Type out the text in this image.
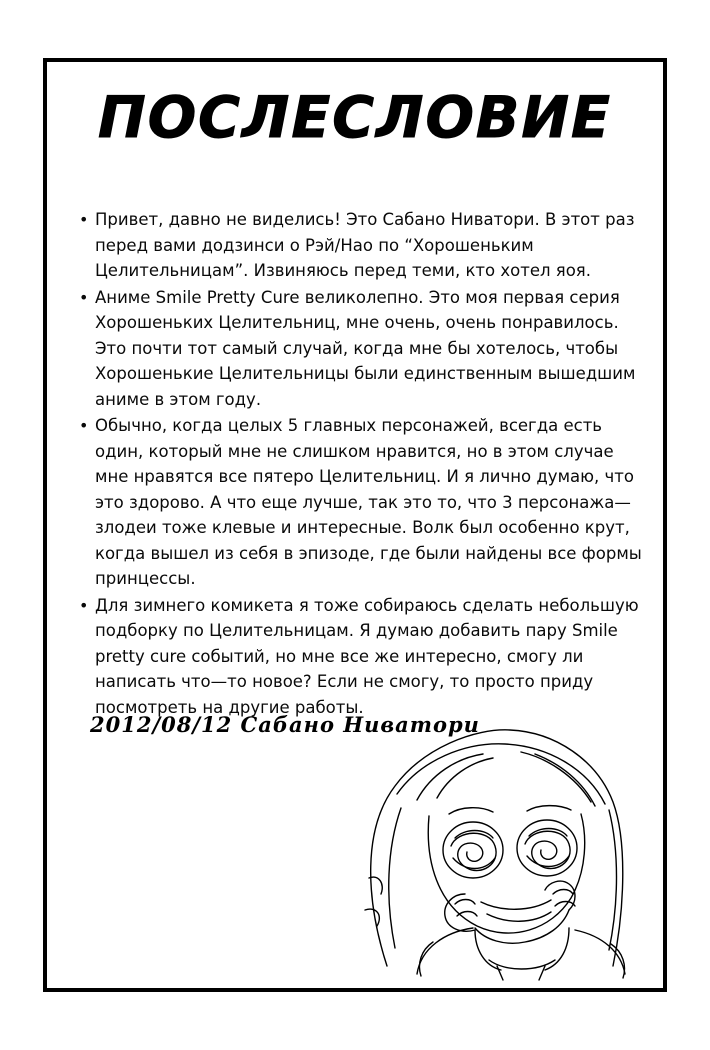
ПОСЛЕСЛОВИЕ

• Привет, давно не виделись! Это Сабано Ниватори. В этот раз перед вами додзинси о Рэй/Нао по “Хорошеньким Целительницам”. Извиняюсь перед теми, кто хотел яоя.

• Аниме Smile Pretty Cure великолепно. Это моя первая серия Хорошеньких Целительниц, мне очень, очень понравилось. Это почти тот самый случай, когда мне бы хотелось, чтобы Хорошенькие Целительницы были единственным вышедшим аниме в этом году.

• Обычно, когда целых 5 главных персонажей, всегда есть один, который мне не слишком нравится, но в этом случае мне нравятся все пятеро Целительниц. И я лично думаю, что это здорово. А что еще лучше, так это то, что 3 персонажа—злодеи тоже клевые и интересные. Волк был особенно крут, когда вышел из себя в эпизоде, где были найдены все формы принцессы.

• Для зимнего комикета я тоже собираюсь сделать небольшую подборку по Целительницам. Я думаю добавить пару Smile pretty cure событий, но мне все же интересно, смогу ли написать что—то новое? Если не смогу, то просто приду посмотреть на другие работы.

2012/08/12 Сабано Ниватори
